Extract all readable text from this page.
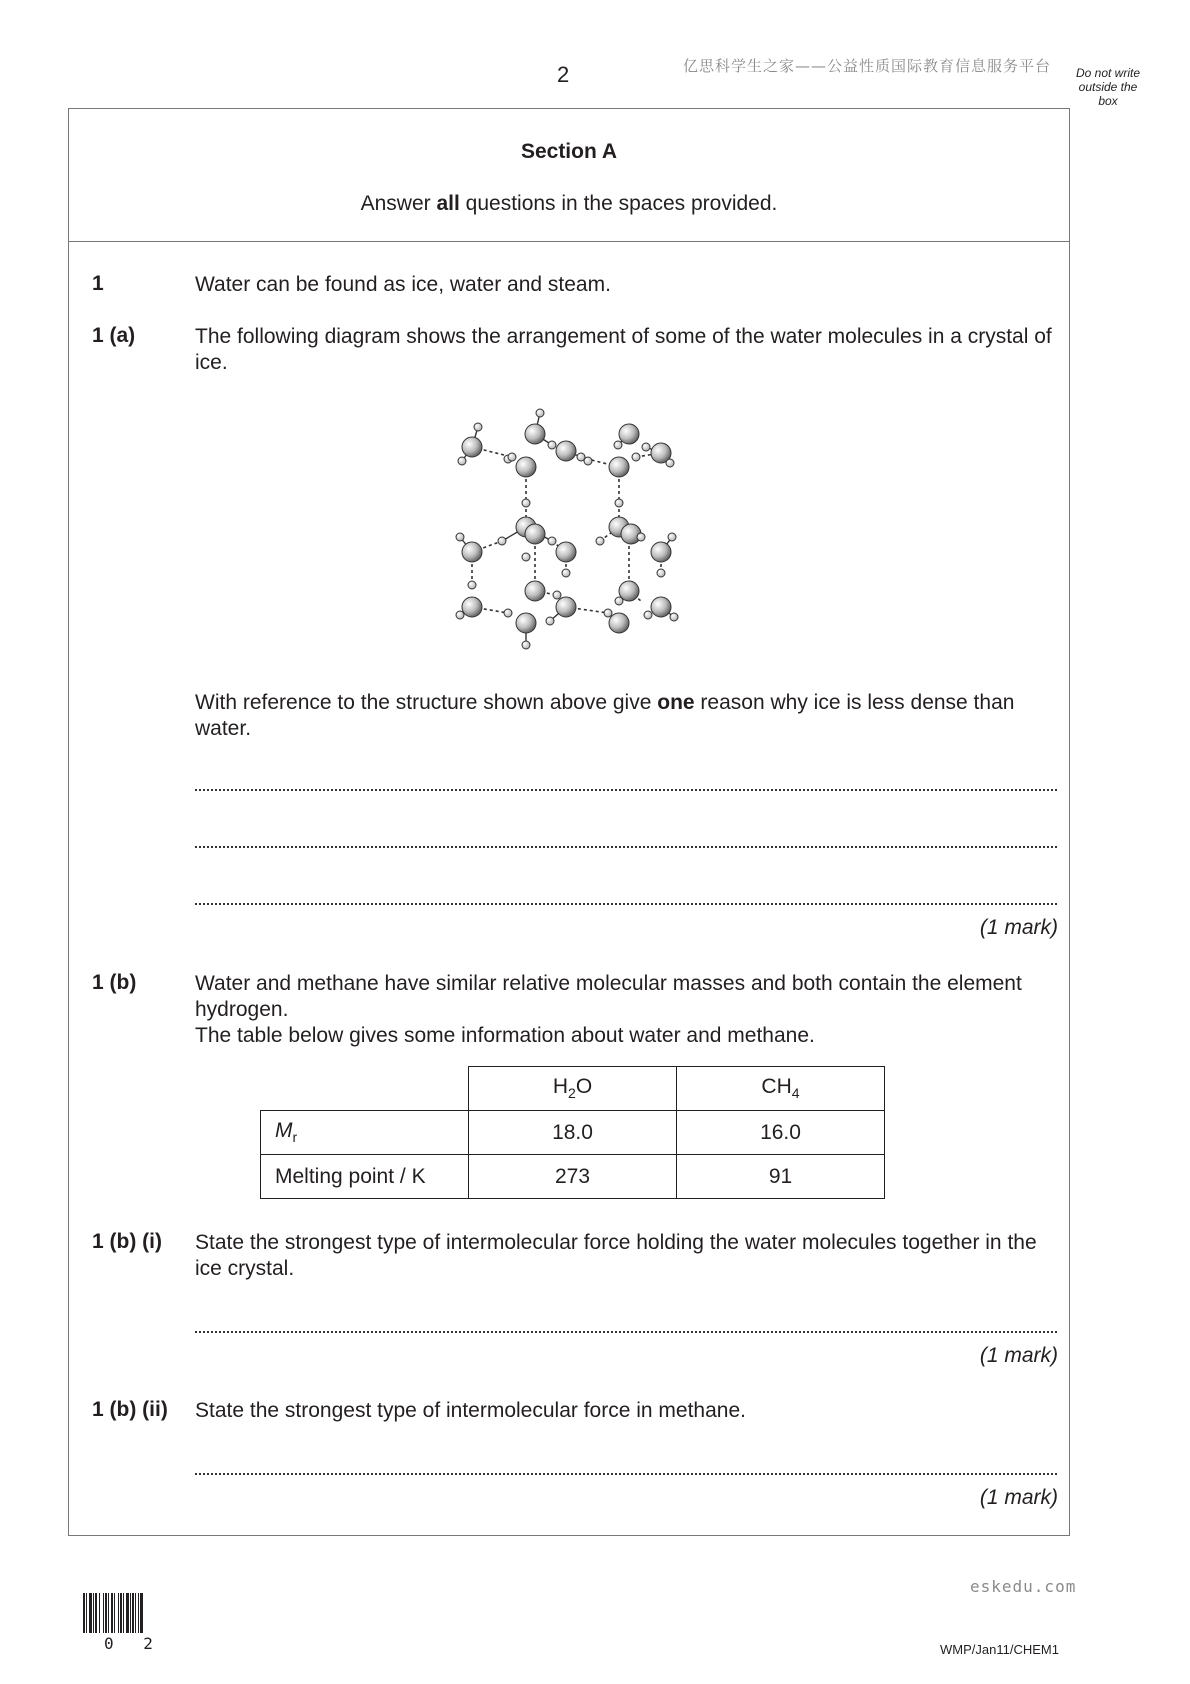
2	亿思科学生之家——公益性质国际教育信息服务平台	Do not write
outside the
box
Section A
Answer all questions in the spaces provided.
1	Water can be found as ice, water and steam.
1 (a)	The following diagram shows the arrangement of some of the water molecules in a crystal of ice.
With reference to the structure shown above give one reason why ice is less dense than water.
(1 mark)
1 (b)	Water and methane have similar relative molecular masses and both contain the element hydrogen.
The table below gives some information about water and methane.
	$H_2O$	$CH_4$
$M_r$	18.0	16.0
Melting point / K	273	91
1 (b) (i) State the strongest type of intermolecular force holding the water molecules together in the ice crystal.
(1 mark)
1 (b) (ii) State the strongest type of intermolecular force in methane.
(1 mark)
eskedu.com
0 2	WMP/Jan11/CHEM1
